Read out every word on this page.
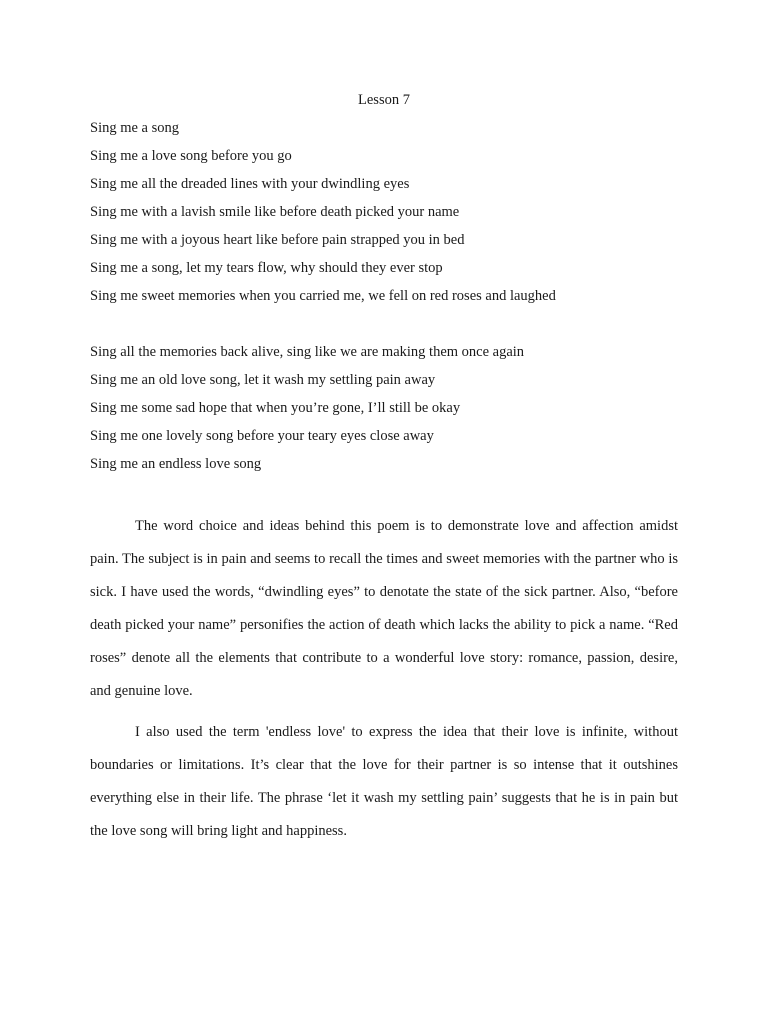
Lesson 7
Sing me a song
Sing me a love song before you go
Sing me all the dreaded lines with your dwindling eyes
Sing me with a lavish smile like before death picked your name
Sing me with a joyous heart like before pain strapped you in bed
Sing me a song, let my tears flow, why should they ever stop
Sing me sweet memories when you carried me, we fell on red roses and laughed
Sing all the memories back alive, sing like we are making them once again
Sing me an old love song, let it wash my settling pain away
Sing me some sad hope that when you’re gone, I’ll still be okay
Sing me one lovely song before your teary eyes close away
Sing me an endless love song

The word choice and ideas behind this poem is to demonstrate love and affection amidst pain. The subject is in pain and seems to recall the times and sweet memories with the partner who is sick. I have used the words, “dwindling eyes” to denotate the state of the sick partner. Also, “before death picked your name” personifies the action of death which lacks the ability to pick a name. “Red roses” denote all the elements that contribute to a wonderful love story: romance, passion, desire, and genuine love.

I also used the term 'endless love' to express the idea that their love is infinite, without boundaries or limitations. It’s clear that the love for their partner is so intense that it outshines everything else in their life. The phrase ‘let it wash my settling pain’ suggests that he is in pain but the love song will bring light and happiness.
